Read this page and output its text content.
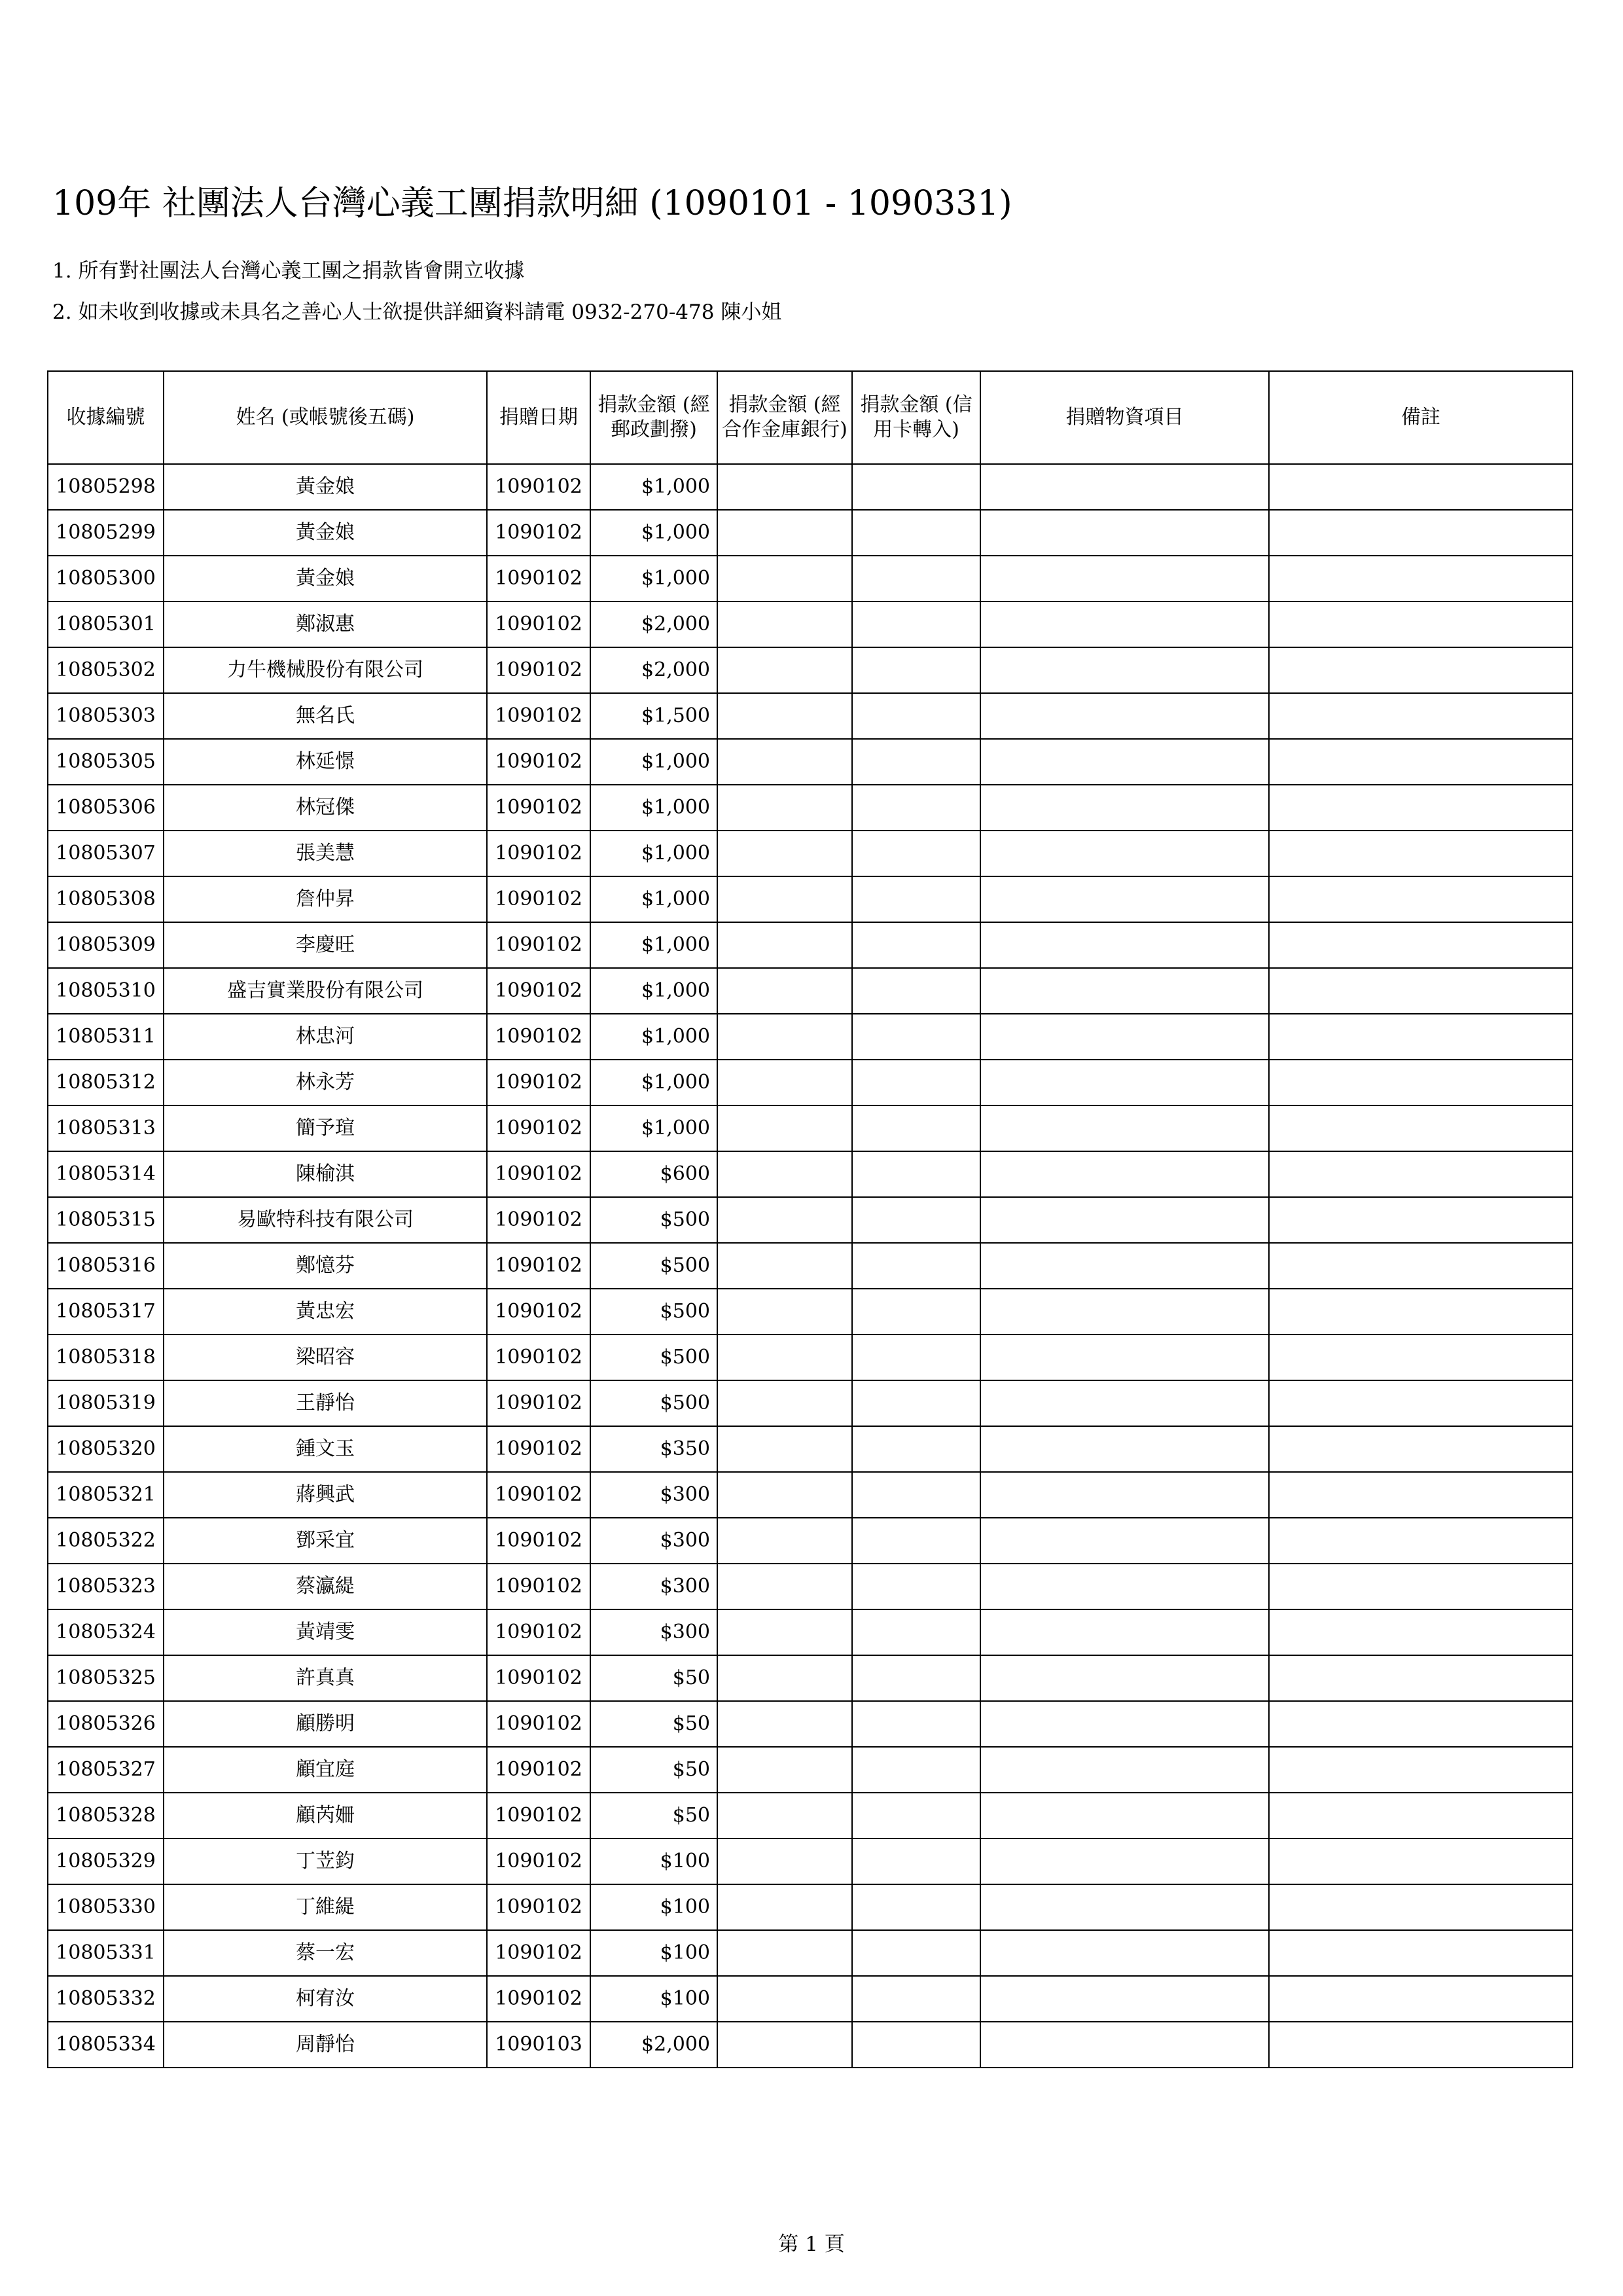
109年 社團法人台灣心義工團捐款明細 (1090101 - 1090331)

1. 所有對社團法人台灣心義工團之捐款皆會開立收據

2. 如未收到收據或未具名之善心人士欲提供詳細資料請電 0932-270-478 陳小姐

收據編號	姓名 (或帳號後五碼)	捐贈日期	捐款金額 (經郵政劃撥)	捐款金額 (經合作金庫銀行)	捐款金額 (信用卡轉入)	捐贈物資項目	備註
10805298	黃金娘	1090102	$1,000				
10805299	黃金娘	1090102	$1,000				
10805300	黃金娘	1090102	$1,000				
10805301	鄭淑惠	1090102	$2,000				
10805302	力牛機械股份有限公司	1090102	$2,000				
10805303	無名氏	1090102	$1,500				
10805305	林延憬	1090102	$1,000				
10805306	林冠傑	1090102	$1,000				
10805307	張美慧	1090102	$1,000				
10805308	詹仲昇	1090102	$1,000				
10805309	李慶旺	1090102	$1,000				
10805310	盛吉實業股份有限公司	1090102	$1,000				
10805311	林忠河	1090102	$1,000				
10805312	林永芳	1090102	$1,000				
10805313	簡予瑄	1090102	$1,000				
10805314	陳榆淇	1090102	$600				
10805315	易歐特科技有限公司	1090102	$500				
10805316	鄭憶芬	1090102	$500				
10805317	黃忠宏	1090102	$500				
10805318	梁昭容	1090102	$500				
10805319	王靜怡	1090102	$500				
10805320	鍾文玉	1090102	$350				
10805321	蔣興武	1090102	$300				
10805322	鄧采宜	1090102	$300				
10805323	蔡瀛緹	1090102	$300				
10805324	黃靖雯	1090102	$300				
10805325	許真真	1090102	$50				
10805326	顧勝明	1090102	$50				
10805327	顧宜庭	1090102	$50				
10805328	顧芮姍	1090102	$50				
10805329	丁苙鈞	1090102	$100				
10805330	丁維緹	1090102	$100				
10805331	蔡一宏	1090102	$100				
10805332	柯宥汝	1090102	$100				
10805334	周靜怡	1090103	$2,000				

第 1 頁
